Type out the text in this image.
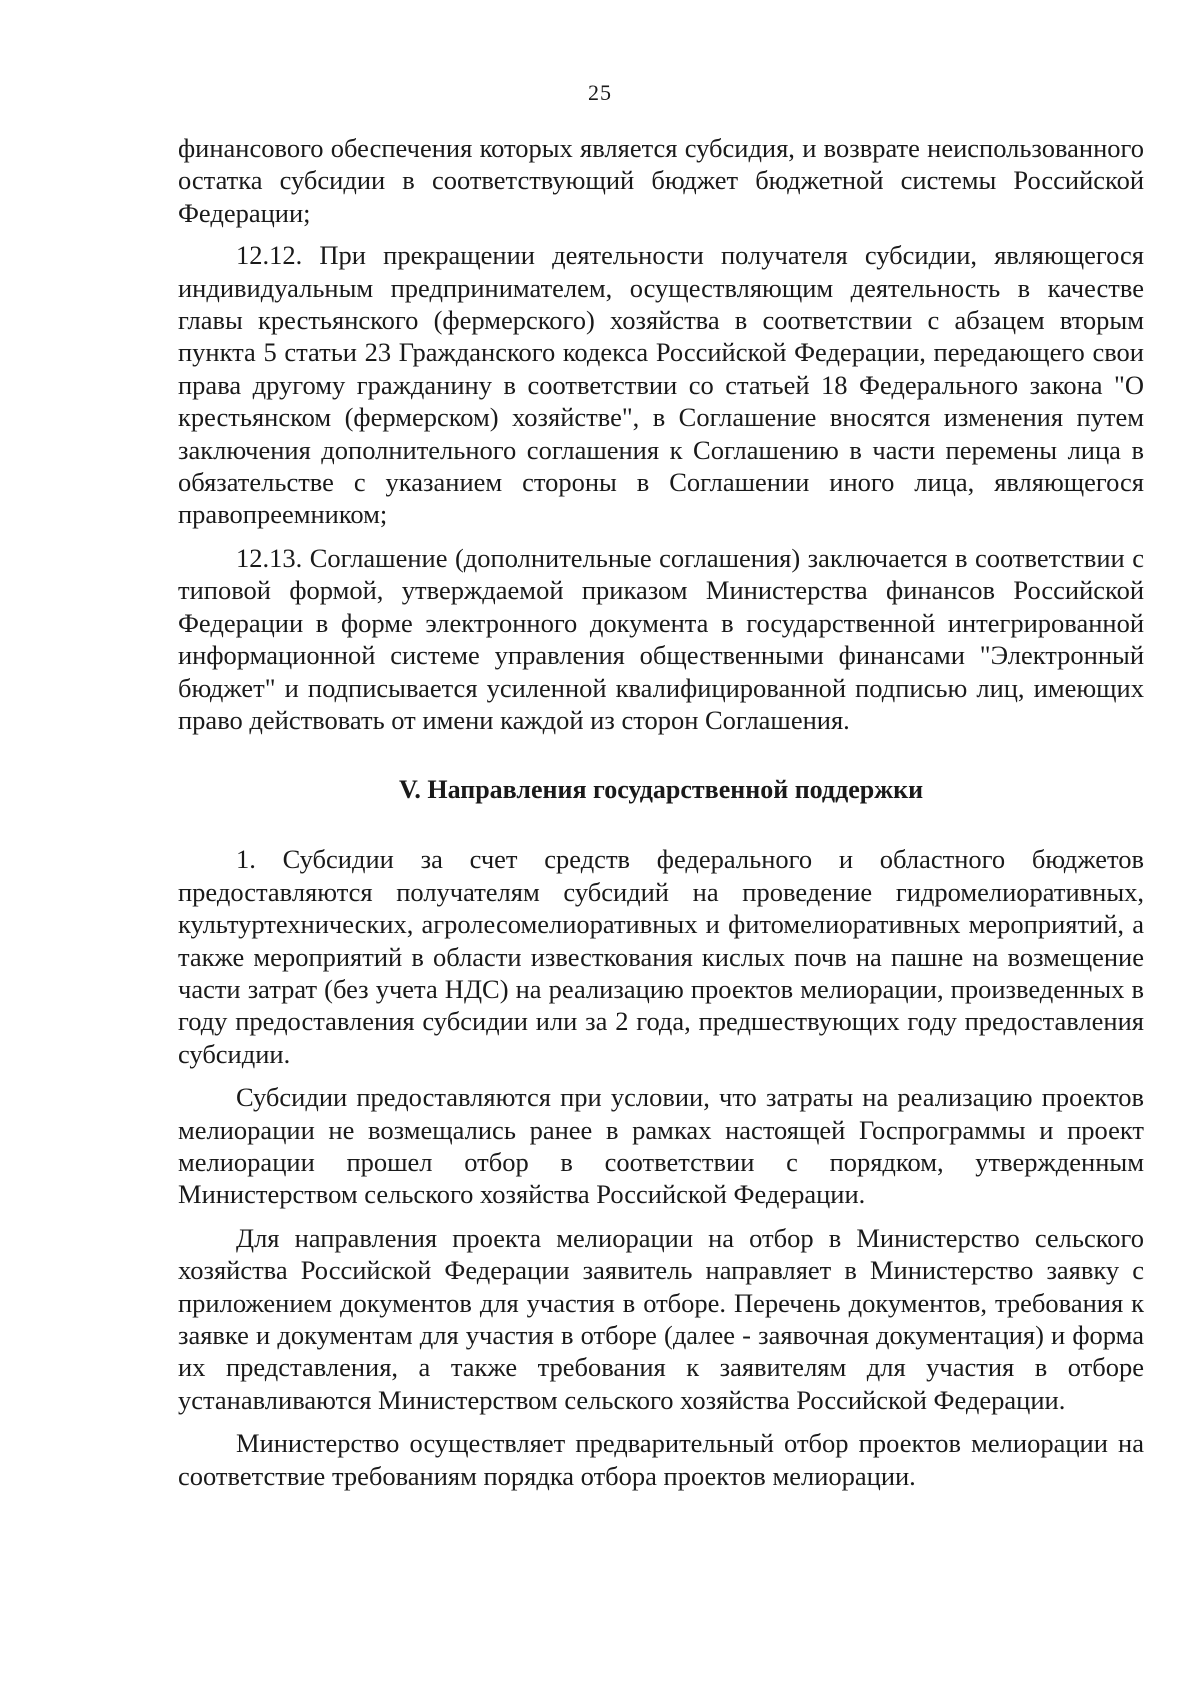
25

финансового обеспечения которых является субсидия, и возврате неиспользованного остатка субсидии в соответствующий бюджет бюджетной системы Российской Федерации;

12.12. При прекращении деятельности получателя субсидии, являющегося индивидуальным предпринимателем, осуществляющим деятельность в качестве главы крестьянского (фермерского) хозяйства в соответствии с абзацем вторым пункта 5 статьи 23 Гражданского кодекса Российской Федерации, передающего свои права другому гражданину в соответствии со статьей 18 Федерального закона "О крестьянском (фермерском) хозяйстве", в Соглашение вносятся изменения путем заключения дополнительного соглашения к Соглашению в части перемены лица в обязательстве с указанием стороны в Соглашении иного лица, являющегося правопреемником;

12.13. Соглашение (дополнительные соглашения) заключается в соответствии с типовой формой, утверждаемой приказом Министерства финансов Российской Федерации в форме электронного документа в государственной интегрированной информационной системе управления общественными финансами "Электронный бюджет" и подписывается усиленной квалифицированной подписью лиц, имеющих право действовать от имени каждой из сторон Соглашения.

V. Направления государственной поддержки

1. Субсидии за счет средств федерального и областного бюджетов предоставляются получателям субсидий на проведение гидромелиоративных, культуртехнических, агролесомелиоративных и фитомелиоративных мероприятий, а также мероприятий в области известкования кислых почв на пашне на возмещение части затрат (без учета НДС) на реализацию проектов мелиорации, произведенных в году предоставления субсидии или за 2 года, предшествующих году предоставления субсидии.

Субсидии предоставляются при условии, что затраты на реализацию проектов мелиорации не возмещались ранее в рамках настоящей Госпрограммы и проект мелиорации прошел отбор в соответствии с порядком, утвержденным Министерством сельского хозяйства Российской Федерации.

Для направления проекта мелиорации на отбор в Министерство сельского хозяйства Российской Федерации заявитель направляет в Министерство заявку с приложением документов для участия в отборе. Перечень документов, требования к заявке и документам для участия в отборе (далее - заявочная документация) и форма их представления, а также требования к заявителям для участия в отборе устанавливаются Министерством сельского хозяйства Российской Федерации.

Министерство осуществляет предварительный отбор проектов мелиорации на соответствие требованиям порядка отбора проектов мелиорации.
